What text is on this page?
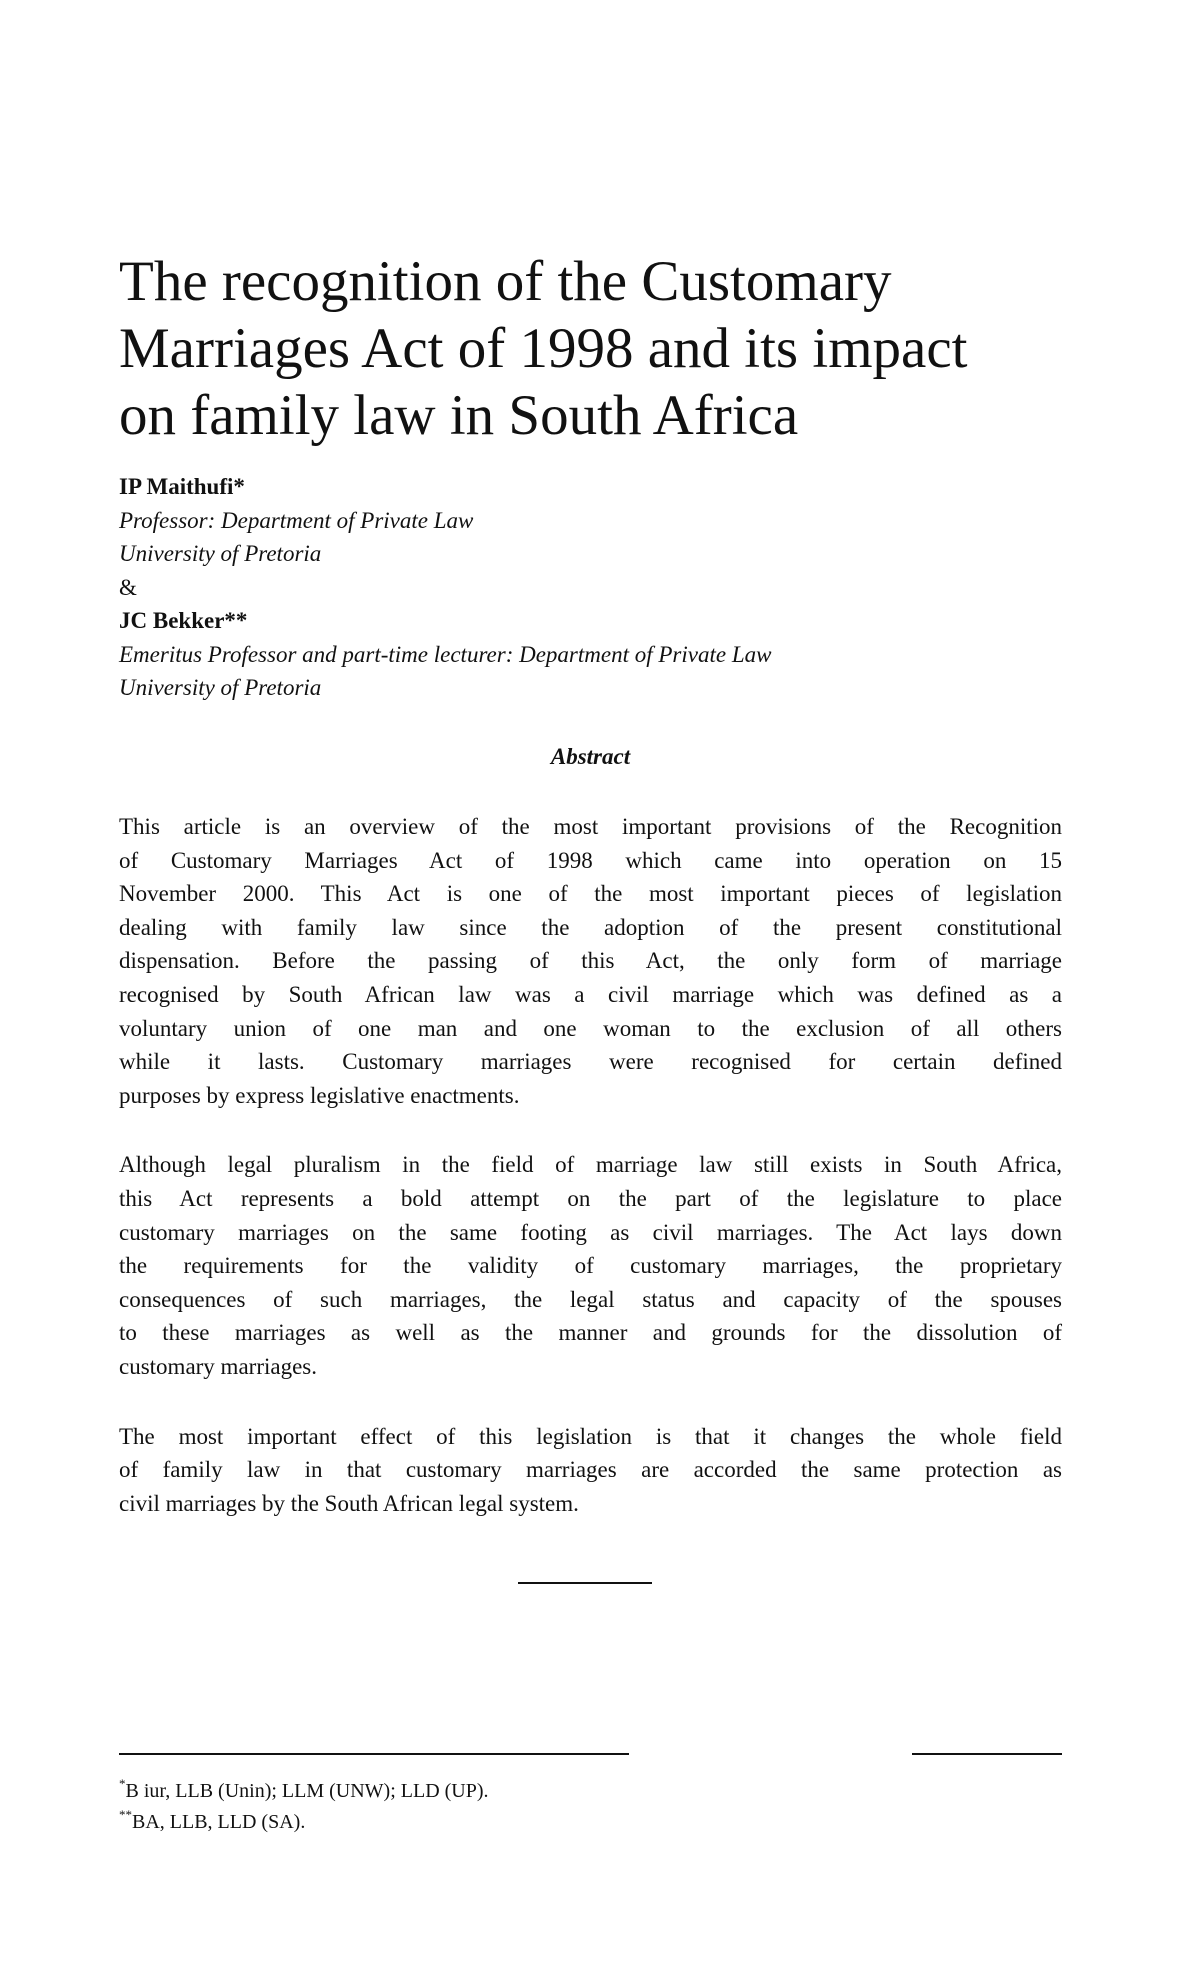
The recognition of the Customary
Marriages Act of 1998 and its impact
on family law in South Africa
IP Maithufi*
Professor: Department of Private Law
University of Pretoria
&
JC Bekker**
Emeritus Professor and part-time lecturer: Department of Private Law
University of Pretoria
Abstract

This article is an overview of the most important provisions of the Recognition
of Customary Marriages Act of 1998 which came into operation on 15
November 2000. This Act is one of the most important pieces of legislation
dealing with family law since the adoption of the present constitutional
dispensation. Before the passing of this Act, the only form of marriage
recognised by South African law was a civil marriage which was defined as a
voluntary union of one man and one woman to the exclusion of all others
while it lasts. Customary marriages were recognised for certain defined
purposes by express legislative enactments.

Although legal pluralism in the field of marriage law still exists in South Africa,
this Act represents a bold attempt on the part of the legislature to place
customary marriages on the same footing as civil marriages. The Act lays down
the requirements for the validity of customary marriages, the proprietary
consequences of such marriages, the legal status and capacity of the spouses
to these marriages as well as the manner and grounds for the dissolution of
customary marriages.

The most important effect of this legislation is that it changes the whole field
of family law in that customary marriages are accorded the same protection as
civil marriages by the South African legal system.

*B iur, LLB (Unin); LLM (UNW); LLD (UP).
**BA, LLB, LLD (SA).
